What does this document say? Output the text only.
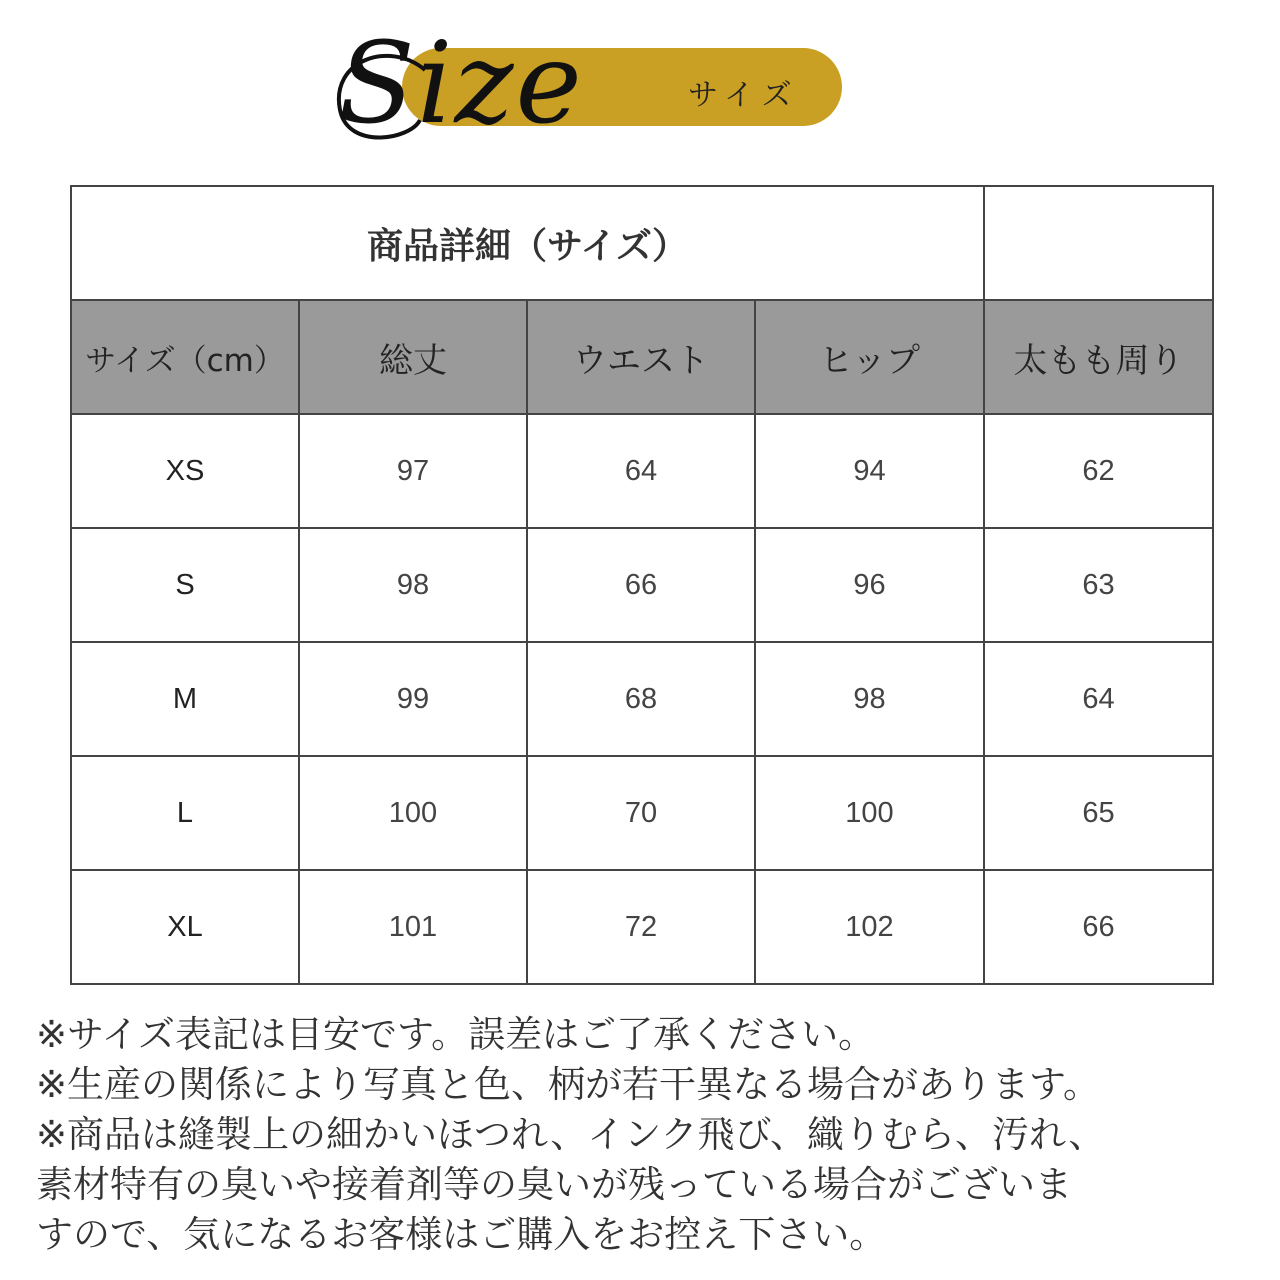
Size	サイズ
商品詳細（サイズ）				
サイズ（cm）	総丈	ウエスト	ヒップ	太もも周り
XS	97	64	94	62
S	98	66	96	63
M	99	68	98	64
L	100	70	100	65
XL	101	72	102	66

※サイズ表記は目安です。誤差はご了承ください。

※生産の関係により写真と色、柄が若干異なる場合があります。

※商品は縫製上の細かいほつれ、インク飛び、織りむら、汚れ、

素材特有の臭いや接着剤等の臭いが残っている場合がございま

すので、気になるお客様はご購入をお控え下さい。
